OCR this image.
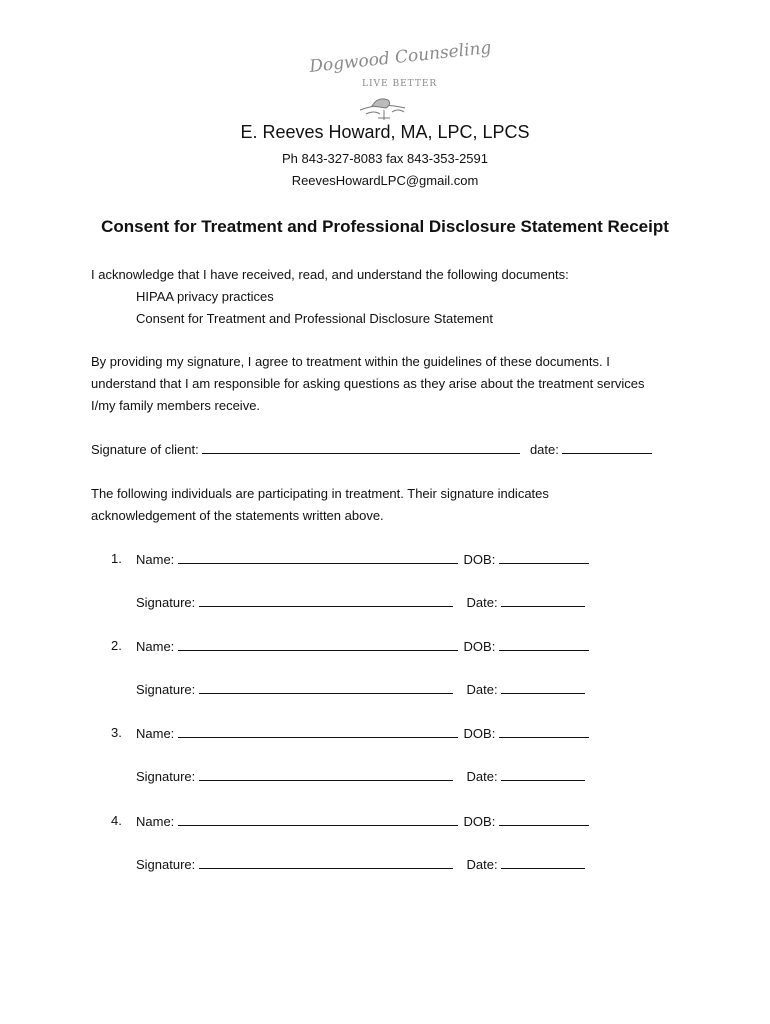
Dogwood Counseling
LIVE BETTER
E. Reeves Howard, MA, LPC, LPCS
Ph 843-327-8083 fax 843-353-2591
ReevesHowardLPC@gmail.com
Consent for Treatment and Professional Disclosure Statement Receipt
I acknowledge that I have received, read, and understand the following documents:
HIPAA privacy practices
Consent for Treatment and Professional Disclosure Statement
By providing my signature, I agree to treatment within the guidelines of these documents. I understand that I am responsible for asking questions as they arise about the treatment services I/my family members receive.
Signature of client:	date:
The following individuals are participating in treatment. Their signature indicates acknowledgement of the statements written above.
1. Name:	DOB:
Signature:	Date:
2. Name:	DOB:
Signature:	Date:
3. Name:	DOB:
Signature:	Date:
4. Name:	DOB:
Signature:	Date:
